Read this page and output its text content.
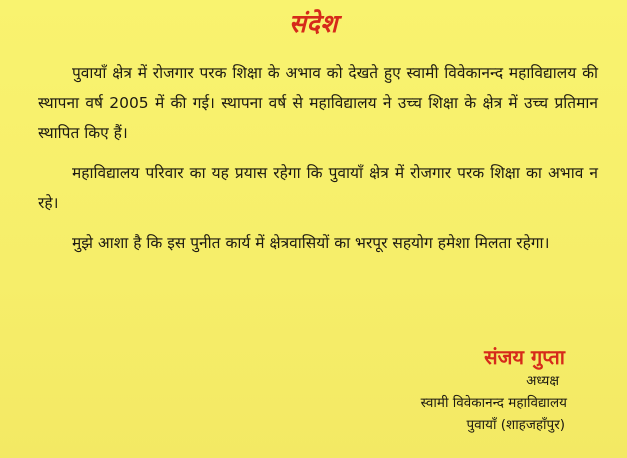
संदेश

पुवायाँ क्षेत्र में रोजगार परक शिक्षा के अभाव को देखते हुए स्वामी विवेकानन्द महाविद्यालय की स्थापना वर्ष 2005 में की गई। स्थापना वर्ष से महाविद्यालय ने उच्च शिक्षा के क्षेत्र में उच्च प्रतिमान स्थापित किए हैं।

महाविद्यालय परिवार का यह प्रयास रहेगा कि पुवायाँ क्षेत्र में रोजगार परक शिक्षा का अभाव न रहे।

मुझे आशा है कि इस पुनीत कार्य में क्षेत्रवासियों का भरपूर सहयोग हमेशा मिलता रहेगा।

संजय गुप्ता
अध्यक्ष
स्वामी विवेकानन्द महाविद्यालय
पुवायाँ (शाहजहाँपुर)
